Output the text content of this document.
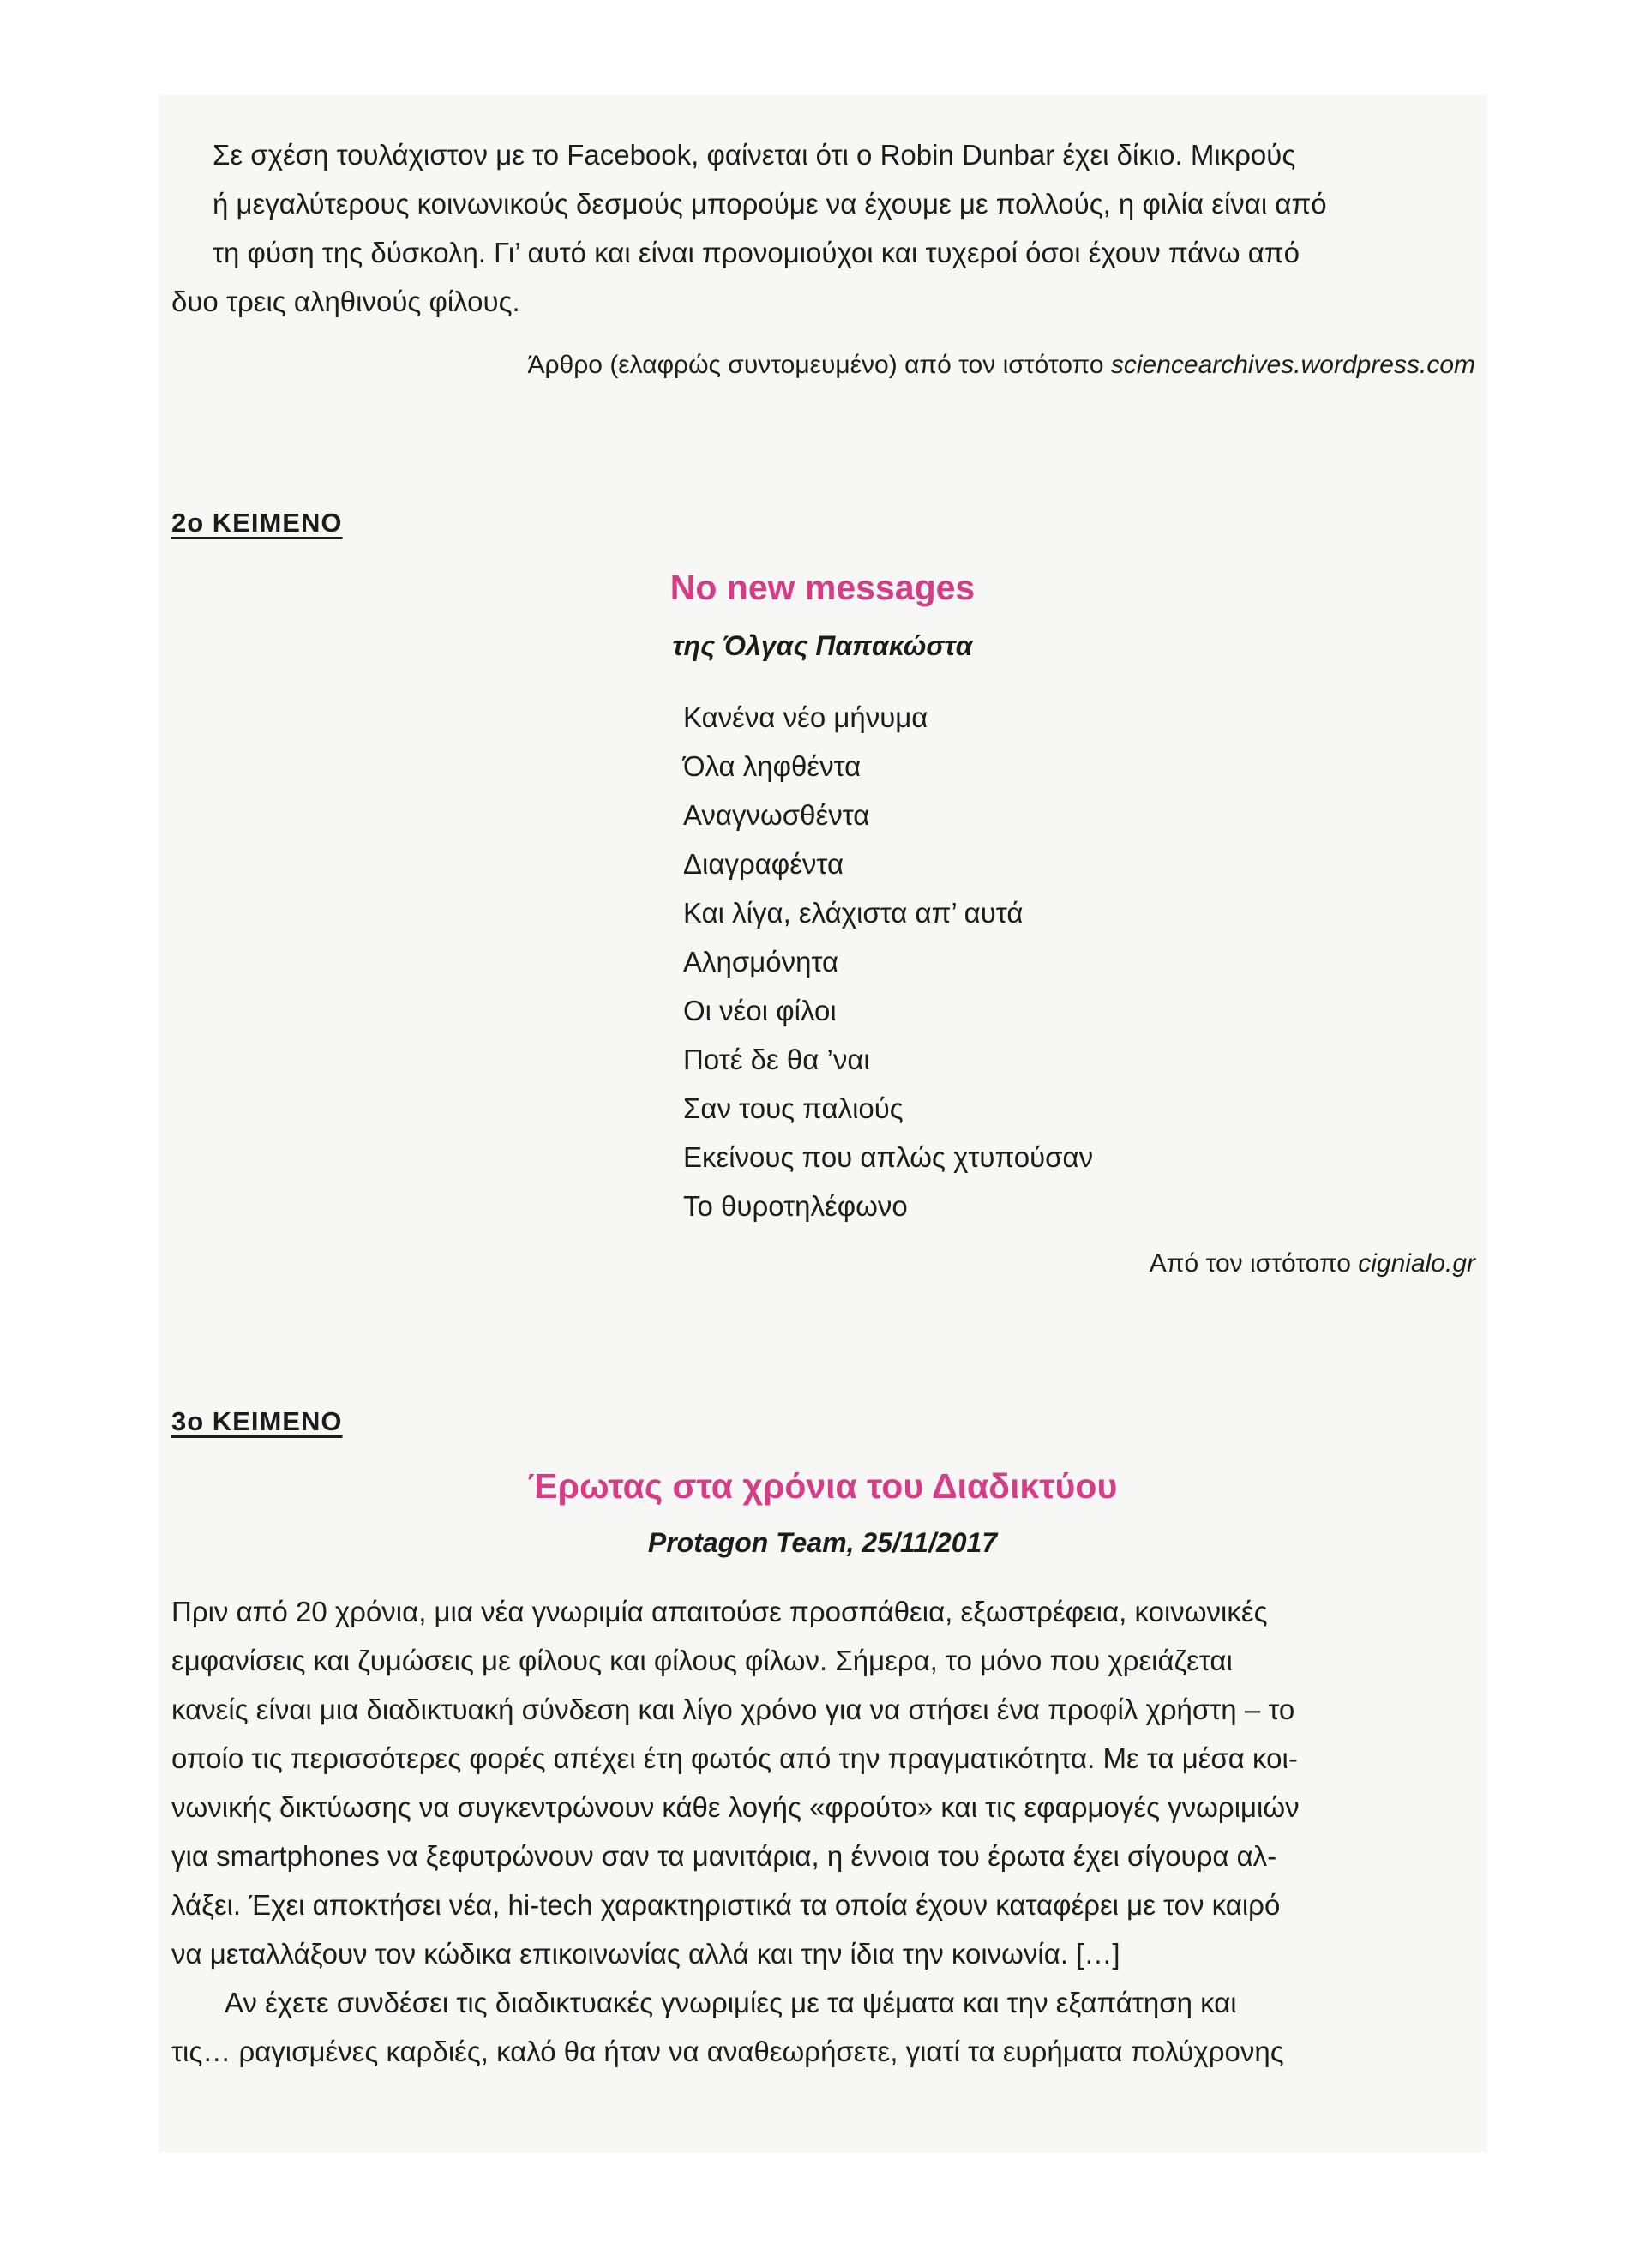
Σε σχέση τουλάχιστον με το Facebook, φαίνεται ότι ο Robin Dunbar έχει δίκιο. Μικρούς
ή μεγαλύτερους κοινωνικούς δεσμούς μπορούμε να έχουμε με πολλούς, η φιλία είναι από
τη φύση της δύσκολη. Γι’ αυτό και είναι προνομιούχοι και τυχεροί όσοι έχουν πάνω από
δυο τρεις αληθινούς φίλους.
Άρθρο (ελαφρώς συντομευμένο) από τον ιστότοπο sciencearchives.wordpress.com
2ο ΚΕΙΜΕΝΟ
No new messages
της Όλγας Παπακώστα
Κανένα νέο μήνυμα
Όλα ληφθέντα
Αναγνωσθέντα
Διαγραφέντα
Και λίγα, ελάχιστα απ’ αυτά
Αλησμόνητα
Οι νέοι φίλοι
Ποτέ δε θα ’ναι
Σαν τους παλιούς
Εκείνους που απλώς χτυπούσαν
Το θυροτηλέφωνο
Από τον ιστότοπο cignialo.gr
3ο ΚΕΙΜΕΝΟ
Έρωτας στα χρόνια του Διαδικτύου
Protagon Team, 25/11/2017
Πριν από 20 χρόνια, μια νέα γνωριμία απαιτούσε προσπάθεια, εξωστρέφεια, κοινωνικές
εμφανίσεις και ζυμώσεις με φίλους και φίλους φίλων. Σήμερα, το μόνο που χρειάζεται
κανείς είναι μια διαδικτυακή σύνδεση και λίγο χρόνο για να στήσει ένα προφίλ χρήστη – το
οποίο τις περισσότερες φορές απέχει έτη φωτός από την πραγματικότητα. Με τα μέσα κοι-
νωνικής δικτύωσης να συγκεντρώνουν κάθε λογής «φρούτο» και τις εφαρμογές γνωριμιών
για smartphones να ξεφυτρώνουν σαν τα μανιτάρια, η έννοια του έρωτα έχει σίγουρα αλ-
λάξει. Έχει αποκτήσει νέα, hi-tech χαρακτηριστικά τα οποία έχουν καταφέρει με τον καιρό
να μεταλλάξουν τον κώδικα επικοινωνίας αλλά και την ίδια την κοινωνία. […]
Αν έχετε συνδέσει τις διαδικτυακές γνωριμίες με τα ψέματα και την εξαπάτηση και
τις… ραγισμένες καρδιές, καλό θα ήταν να αναθεωρήσετε, γιατί τα ευρήματα πολύχρονης
